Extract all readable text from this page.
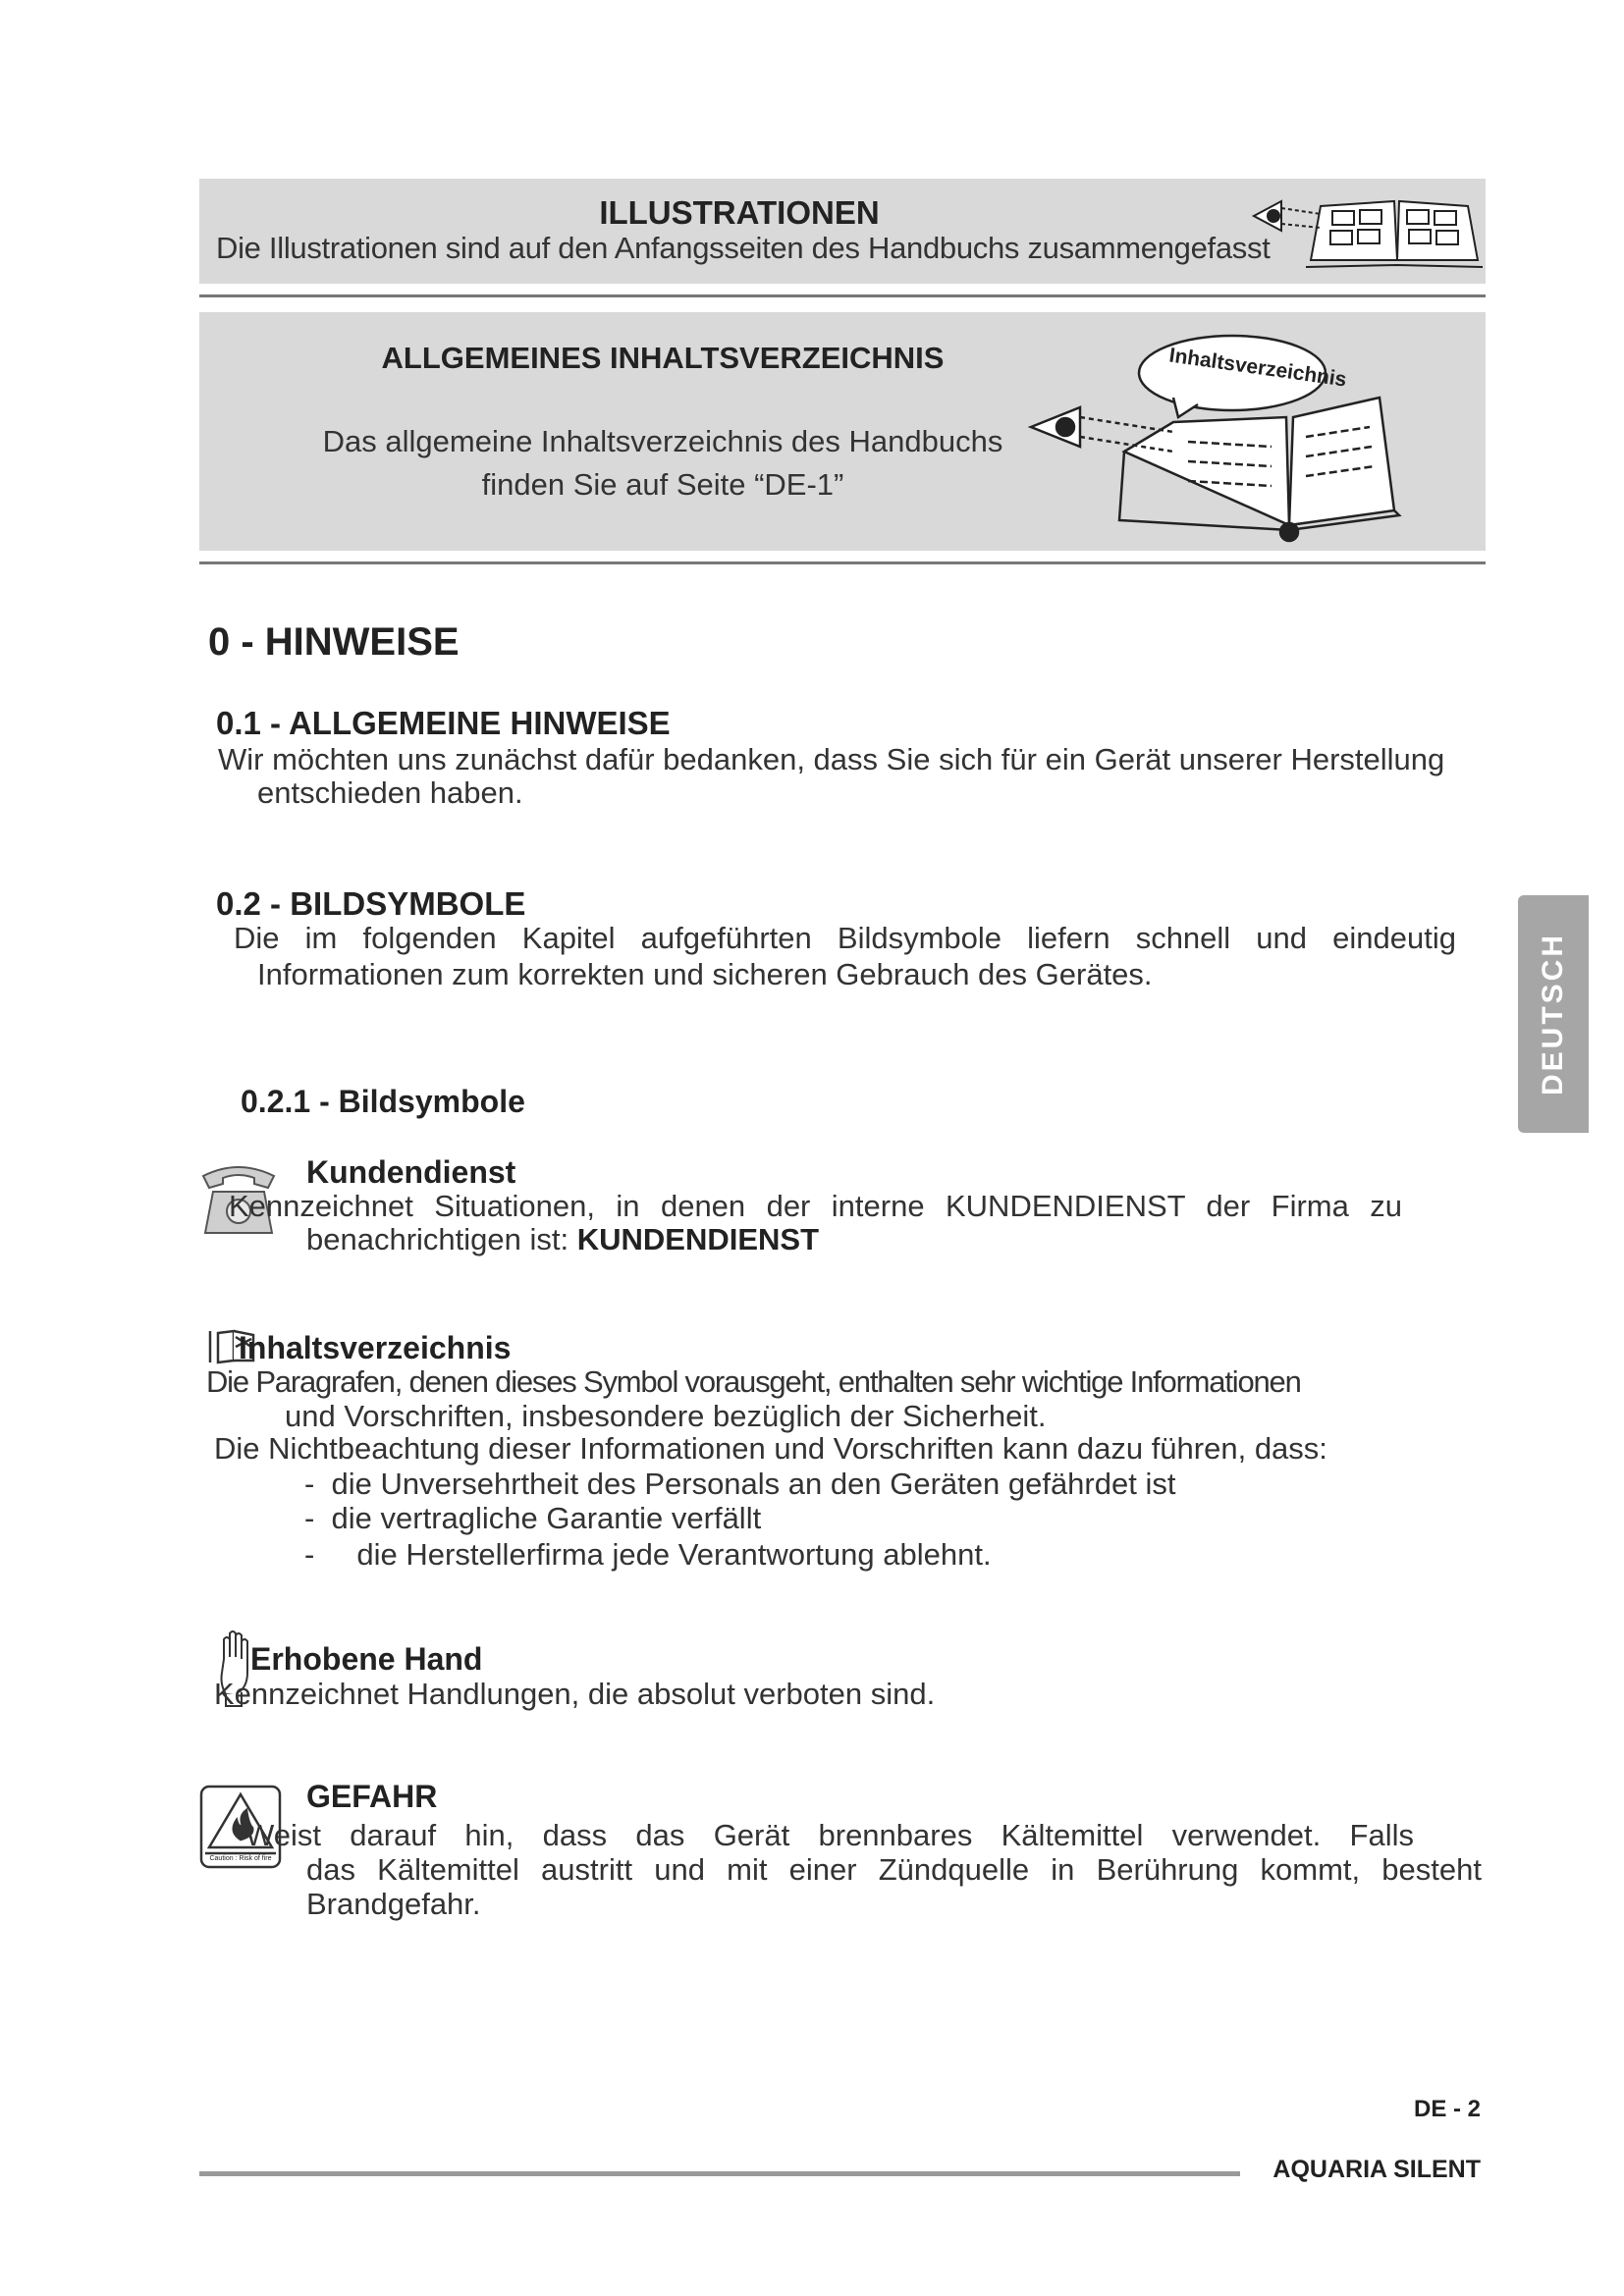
ILLUSTRATIONEN
Die Illustrationen sind auf den Anfangsseiten des Handbuchs zusammengefasst
ALLGEMEINES INHALTSVERZEICHNIS
Das allgemeine Inhaltsverzeichnis des Handbuchs
finden Sie auf Seite “DE-1”
Inhaltsverzeichnis
0 - HINWEISE
0.1 - ALLGEMEINE HINWEISE
Wir möchten uns zunächst dafür bedanken, dass Sie sich für ein Gerät unserer Herstellung
entschieden haben.
0.2 - BILDSYMBOLE
Die im folgenden Kapitel aufgeführten Bildsymbole liefern schnell und eindeutig
Informationen zum korrekten und sicheren Gebrauch des Gerätes.	DEUTSCH
0.2.1 - Bildsymbole
Kundendienst
Kennzeichnet Situationen, in denen der interne KUNDENDIENST der Firma zu
benachrichtigen ist: KUNDENDIENST
Inhaltsverzeichnis
Die Paragrafen, denen dieses Symbol vorausgeht, enthalten sehr wichtige Informationen
und Vorschriften, insbesondere bezüglich der Sicherheit.
Die Nichtbeachtung dieser Informationen und Vorschriften kann dazu führen, dass:
-  die Unversehrtheit des Personals an den Geräten gefährdet ist
-  die vertragliche Garantie verfällt
-     die Herstellerfirma jede Verantwortung ablehnt.
Erhobene Hand
Kennzeichnet Handlungen, die absolut verboten sind.
Caution : Risk of fire
GEFAHR
Weist darauf hin, dass das Gerät brennbares Kältemittel verwendet. Falls
das Kältemittel austritt und mit einer Zündquelle in Berührung kommt, besteht
Brandgefahr.
DE - 2
AQUARIA SILENT
